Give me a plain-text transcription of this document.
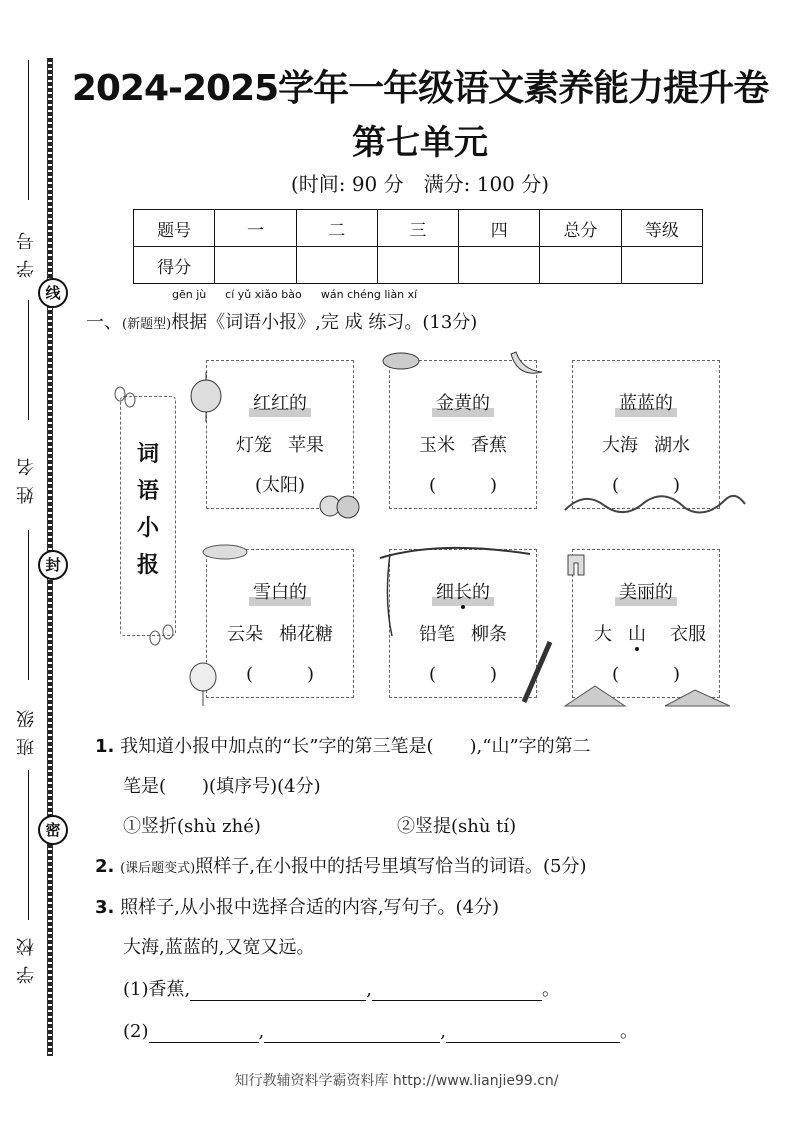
学号
姓名
班级
学校
线
封
密
2024-2025学年一年级语文素养能力提升卷
第七单元
(时间: 90 分　满分: 100 分)
题号	一	二	三	四	总分	等级
得分						
一、(新题型)
gēn jù
根据《
cí yǔ xiǎo bào
词语小报》,
wán chéng liàn xí
完 成 练习。(13分)
词
语
小
报
红红的
灯笼 苹果
(太阳)
金黄的
玉米 香蕉
(　　　)
蓝蓝的
大海 湖水
(　　　)
雪白的
云朵 棉花糖
(　　　)
细长的
铅笔 柳条
(　　　)
美丽的
大 山 衣服
(　　　)
1. 我知道小报中加点的“长”字的第三笔是(　　),“山”字的第二
笔是(　　)(填序号)(4分)
①竖折(shù zhé)	②竖提(shù tí)
2. (课后题变式)照样子,在小报中的括号里填写恰当的词语。(5分)
3. 照样子,从小报中选择合适的内容,写句子。(4分)
大海,蓝蓝的,又宽又远。
(1)香蕉,	,	。
(2)	,	,	。
知行教辅资料学霸资料库 http://www.lianjie99.cn/
